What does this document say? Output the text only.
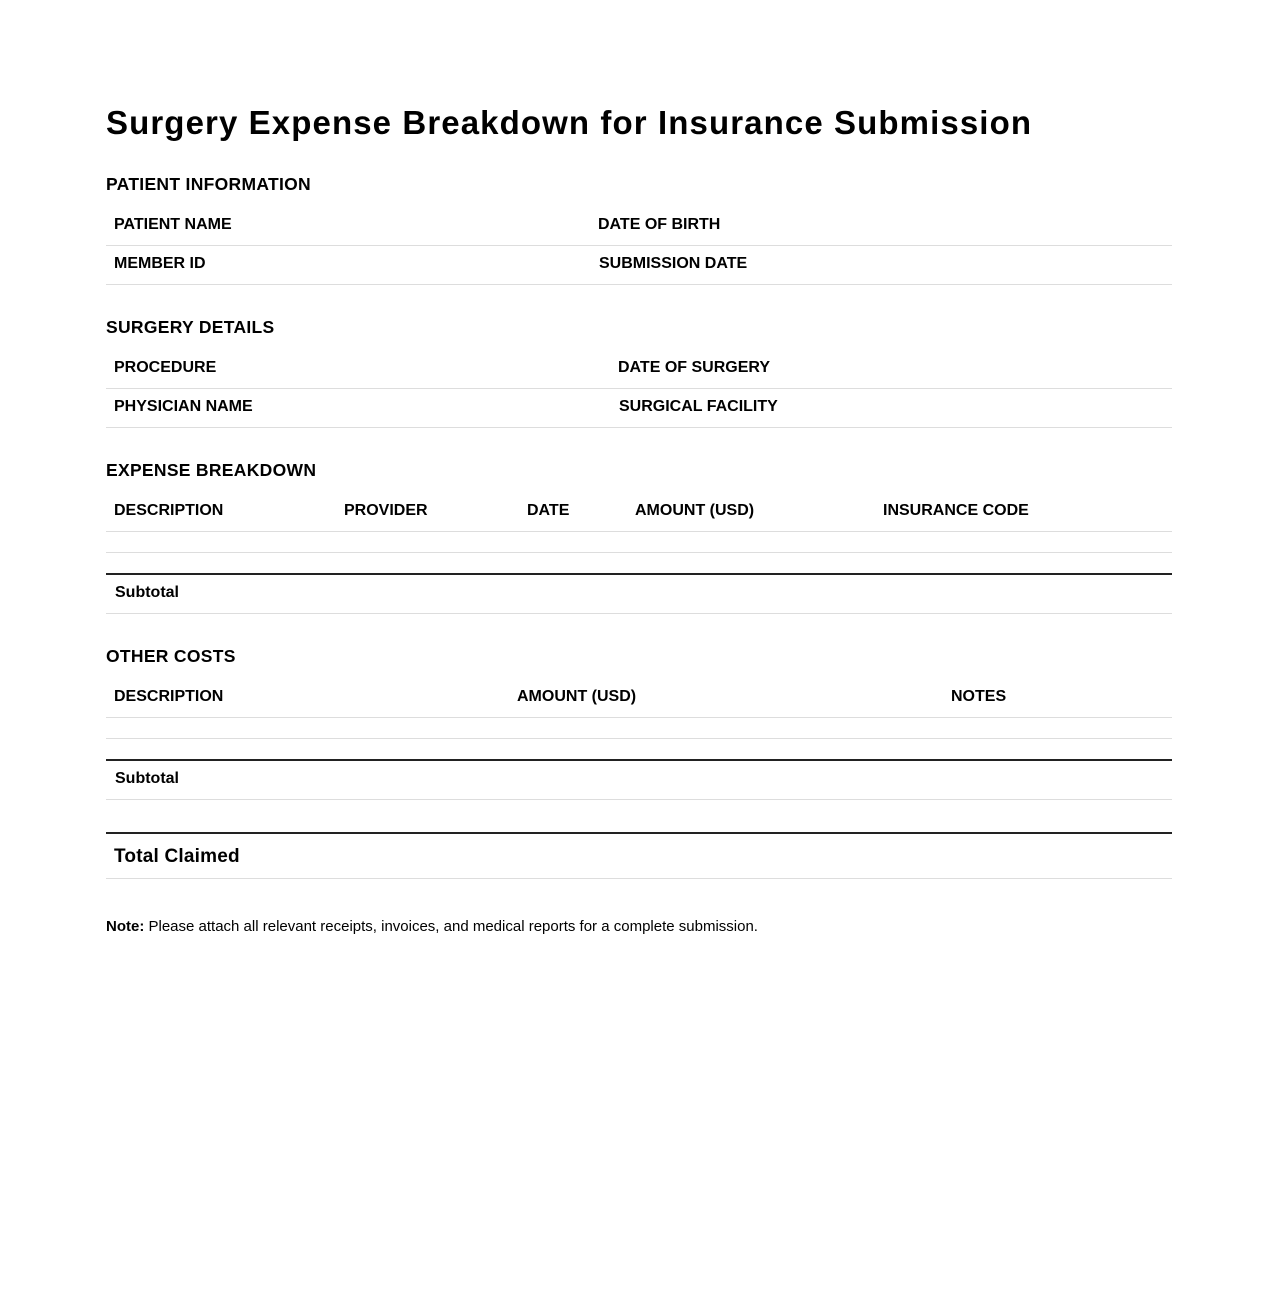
Surgery Expense Breakdown for Insurance Submission
PATIENT INFORMATION
PATIENT NAME	DATE OF BIRTH
MEMBER ID	SUBMISSION DATE
SURGERY DETAILS
PROCEDURE	DATE OF SURGERY
PHYSICIAN NAME	SURGICAL FACILITY
EXPENSE BREAKDOWN
DESCRIPTION	PROVIDER	DATE	AMOUNT (USD)	INSURANCE CODE
Subtotal
OTHER COSTS
DESCRIPTION	AMOUNT (USD)	NOTES
Subtotal
Total Claimed
Note: Please attach all relevant receipts, invoices, and medical reports for a complete submission.
